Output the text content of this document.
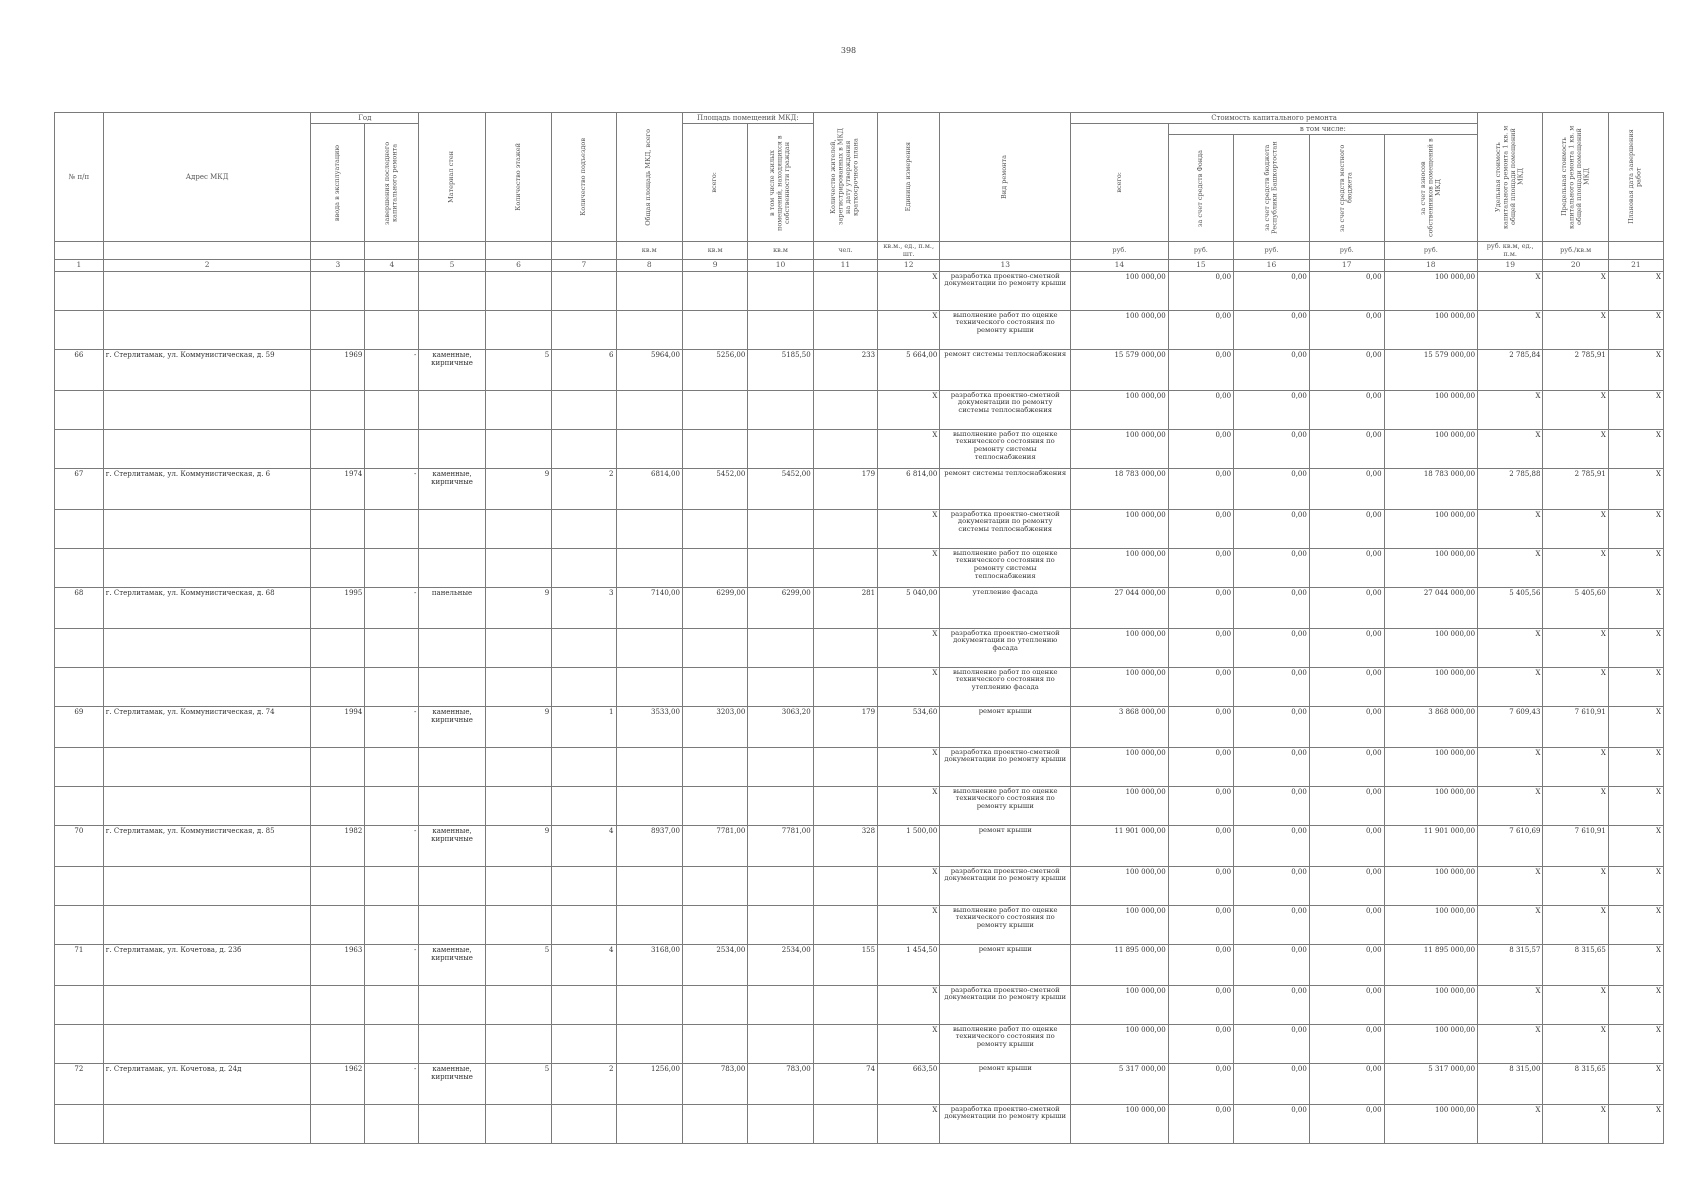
398
№ п/п	Адрес МКД	Год		Материал стен	Количество этажей	Количество подъездов	Общая площадь МКД, всего	Площадь помещений МКД:		Количество жителей, зарегистрированных в МКД на дату утверждения краткосрочного плана	Единица измерения	Вид ремонта	Стоимость капитального ремонта					Удельная стоимость капитального ремонта 1 кв. м общей площади помещений МКД	Предельная стоимость капитального ремонта 1 кв. м общей площади помещений МКД	Плановая дата завершения работ

		ввода в эксплуатацию	завершения последнего капитального ремонта					всего:	в том числе жилых помещений, находящихся в собственности граждан				всего:	в том числе:						

														за счет средств Фонда	за счет средств бюджета Республики Башкортостан	за счет средств местного бюджета	за счет взносов собственников помещений в МКД			

							кв.м	кв.м	кв.м	чел.	кв.м., ед., п.м., шт.		руб.	руб.	руб.	руб.	руб.	руб. кв.м, ед., п.м.	руб./кв.м	
1	2	3	4	5	6	7	8	9	10	11	12	13	14	15	16	17	18	19	20	21
											X	разработка проектно-сметной документации по ремонту крыши	100 000,00	0,00	0,00	0,00	100 000,00	X	X	X
											X	выполнение работ по оценке технического состояния по ремонту крыши	100 000,00	0,00	0,00	0,00	100 000,00	X	X	X
66	г. Стерлитамак, ул. Коммунистическая, д. 59	1969	-	каменные, кирпичные	5	6	5964,00	5256,00	5185,50	233	5 664,00	ремонт системы теплоснабжения	15 579 000,00	0,00	0,00	0,00	15 579 000,00	2 785,84	2 785,91	X
											X	разработка проектно-сметной документации по ремонту системы теплоснабжения	100 000,00	0,00	0,00	0,00	100 000,00	X	X	X
											X	выполнение работ по оценке технического состояния по ремонту системы теплоснабжения	100 000,00	0,00	0,00	0,00	100 000,00	X	X	X
67	г. Стерлитамак, ул. Коммунистическая, д. 6	1974	-	каменные, кирпичные	9	2	6814,00	5452,00	5452,00	179	6 814,00	ремонт системы теплоснабжения	18 783 000,00	0,00	0,00	0,00	18 783 000,00	2 785,88	2 785,91	X
											X	разработка проектно-сметной документации по ремонту системы теплоснабжения	100 000,00	0,00	0,00	0,00	100 000,00	X	X	X
											X	выполнение работ по оценке технического состояния по ремонту системы теплоснабжения	100 000,00	0,00	0,00	0,00	100 000,00	X	X	X
68	г. Стерлитамак, ул. Коммунистическая, д. 68	1995	-	панельные	9	3	7140,00	6299,00	6299,00	281	5 040,00	утепление фасада	27 044 000,00	0,00	0,00	0,00	27 044 000,00	5 405,56	5 405,60	X
											X	разработка проектно-сметной документации по утеплению фасада	100 000,00	0,00	0,00	0,00	100 000,00	X	X	X
											X	выполнение работ по оценке технического состояния по утеплению фасада	100 000,00	0,00	0,00	0,00	100 000,00	X	X	X
69	г. Стерлитамак, ул. Коммунистическая, д. 74	1994	-	каменные, кирпичные	9	1	3533,00	3203,00	3063,20	179	534,60	ремонт крыши	3 868 000,00	0,00	0,00	0,00	3 868 000,00	7 609,43	7 610,91	X
											X	разработка проектно-сметной документации по ремонту крыши	100 000,00	0,00	0,00	0,00	100 000,00	X	X	X
											X	выполнение работ по оценке технического состояния по ремонту крыши	100 000,00	0,00	0,00	0,00	100 000,00	X	X	X
70	г. Стерлитамак, ул. Коммунистическая, д. 85	1982	-	каменные, кирпичные	9	4	8937,00	7781,00	7781,00	328	1 500,00	ремонт крыши	11 901 000,00	0,00	0,00	0,00	11 901 000,00	7 610,69	7 610,91	X
											X	разработка проектно-сметной документации по ремонту крыши	100 000,00	0,00	0,00	0,00	100 000,00	X	X	X
											X	выполнение работ по оценке технического состояния по ремонту крыши	100 000,00	0,00	0,00	0,00	100 000,00	X	X	X
71	г. Стерлитамак, ул. Кочетова, д. 23б	1963	-	каменные, кирпичные	5	4	3168,00	2534,00	2534,00	155	1 454,50	ремонт крыши	11 895 000,00	0,00	0,00	0,00	11 895 000,00	8 315,57	8 315,65	X
											X	разработка проектно-сметной документации по ремонту крыши	100 000,00	0,00	0,00	0,00	100 000,00	X	X	X
											X	выполнение работ по оценке технического состояния по ремонту крыши	100 000,00	0,00	0,00	0,00	100 000,00	X	X	X
72	г. Стерлитамак, ул. Кочетова, д. 24д	1962	-	каменные, кирпичные	5	2	1256,00	783,00	783,00	74	663,50	ремонт крыши	5 317 000,00	0,00	0,00	0,00	5 317 000,00	8 315,00	8 315,65	X
											X	разработка проектно-сметной документации по ремонту крыши	100 000,00	0,00	0,00	0,00	100 000,00	X	X	X
